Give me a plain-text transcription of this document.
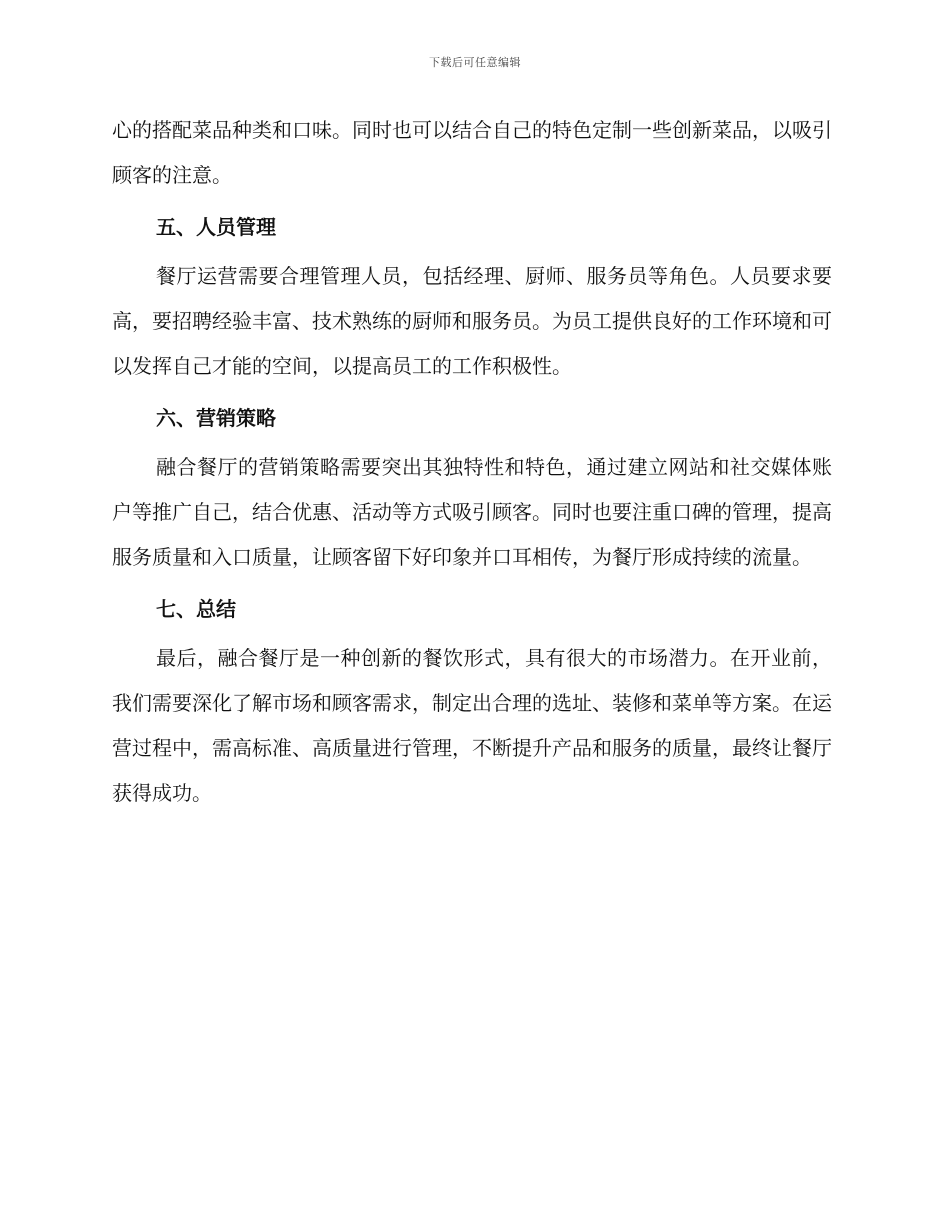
下载后可任意编辑

心的搭配菜品种类和口味。同时也可以结合自己的特色定制一些创新菜品，以吸引顾客的注意。

五、人员管理

餐厅运营需要合理管理人员，包括经理、厨师、服务员等角色。人员要求要高，要招聘经验丰富、技术熟练的厨师和服务员。为员工提供良好的工作环境和可以发挥自己才能的空间，以提高员工的工作积极性。

六、营销策略

融合餐厅的营销策略需要突出其独特性和特色，通过建立网站和社交媒体账户等推广自己，结合优惠、活动等方式吸引顾客。同时也要注重口碑的管理，提高服务质量和入口质量，让顾客留下好印象并口耳相传，为餐厅形成持续的流量。

七、总结

最后，融合餐厅是一种创新的餐饮形式，具有很大的市场潜力。在开业前，我们需要深化了解市场和顾客需求，制定出合理的选址、装修和菜单等方案。在运营过程中，需高标准、高质量进行管理，不断提升产品和服务的质量，最终让餐厅获得成功。
